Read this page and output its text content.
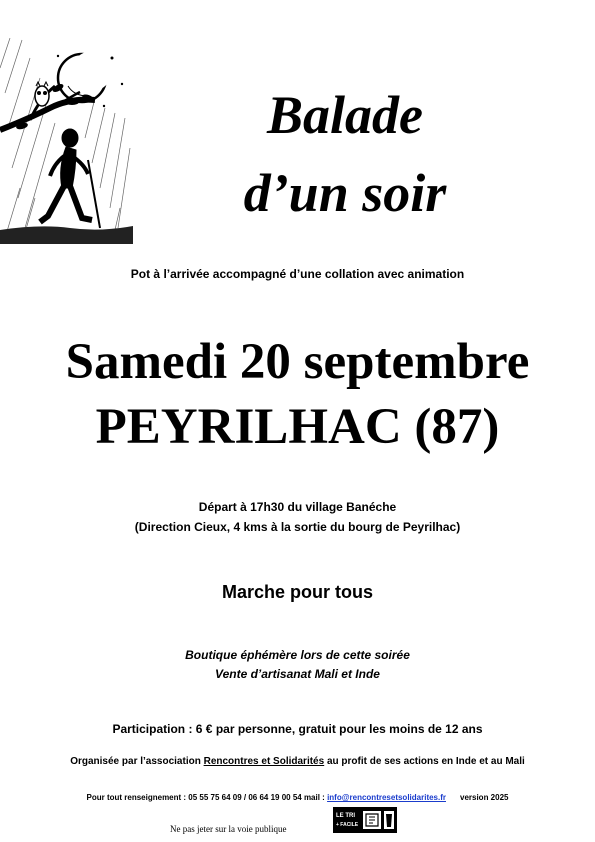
Balade
d’un soir
Pot à l’arrivée accompagné d’une collation avec animation
Samedi 20 septembre
PEYRILHAC (87)
Départ à 17h30 du village Banéche
(Direction Cieux, 4 kms à la sortie du bourg de Peyrilhac)
Marche pour tous
Boutique éphémère lors de cette soirée
Vente d’artisanat Mali et Inde
Participation : 6 € par personne, gratuit pour les moins de 12 ans
Organisée par l’association Rencontres et Solidarités au profit de ses actions en Inde et au Mali
Pour tout renseignement : 05 55 75 64 09 / 06 64 19 00 54 mail : info@rencontresetsolidarites.fr version 2025
Ne pas jeter sur la voie publique
LE TRI
+ FACILE
